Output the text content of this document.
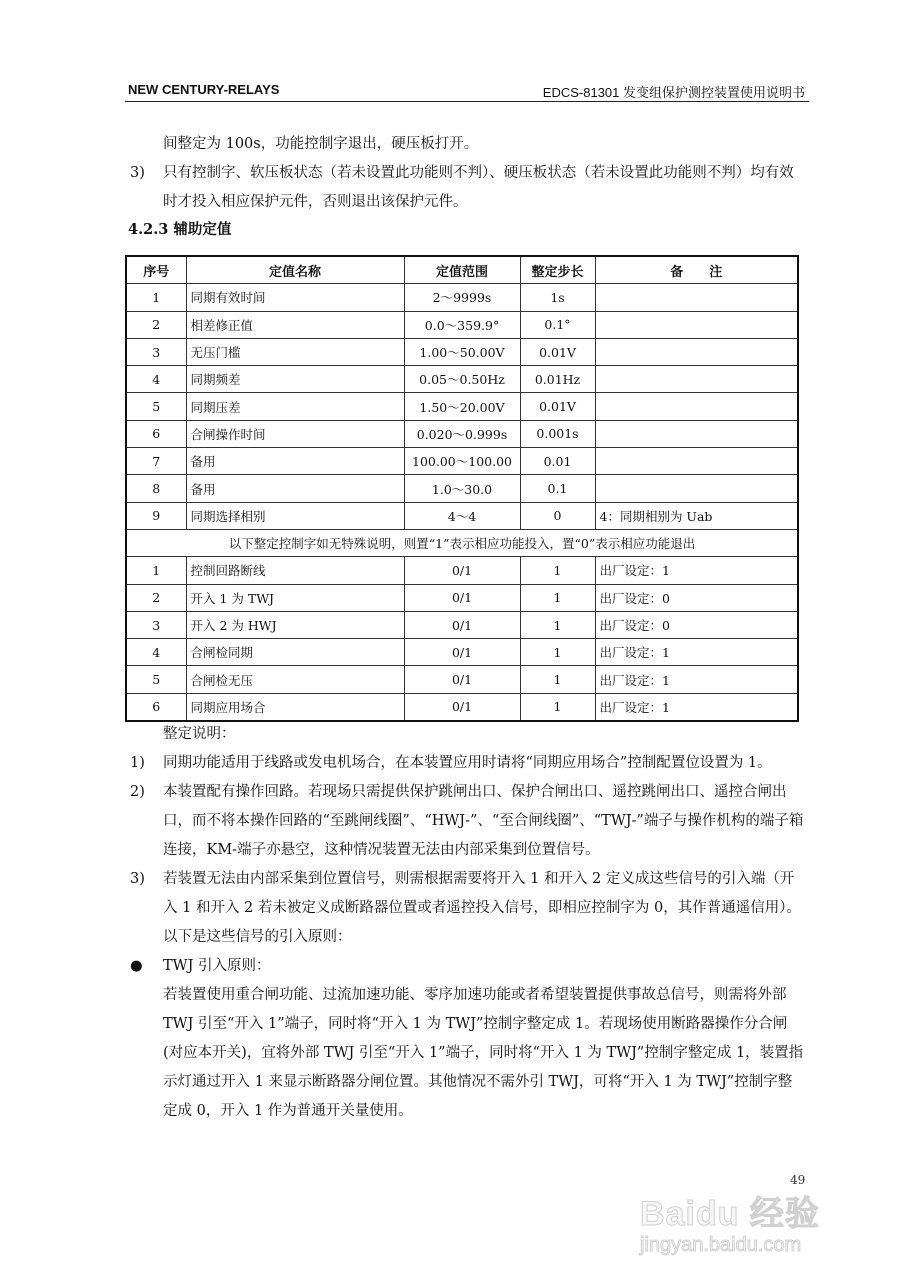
NEW CENTURY-RELAYS	EDCS-81301 发变组保护测控装置使用说明书
间整定为 100s，功能控制字退出，硬压板打开。
3) 只有控制字、软压板状态（若未设置此功能则不判）、硬压板状态（若未设置此功能则不判）均有效时才投入相应保护元件，否则退出该保护元件。
4.2.3 辅助定值
序号	定值名称	定值范围	整定步长	备　　注
1	同期有效时间	2～9999s	1s	
2	相差修正值	0.0～359.9°	0.1°	
3	无压门槛	1.00～50.00V	0.01V	
4	同期频差	0.05～0.50Hz	0.01Hz	
5	同期压差	1.50～20.00V	0.01V	
6	合闸操作时间	0.020～0.999s	0.001s	
7	备用	100.00～100.00	0.01	
8	备用	1.0～30.0	0.1	
9	同期选择相别	4～4	0	4：同期相别为 Uab
以下整定控制字如无特殊说明，则置“1”表示相应功能投入，置“0”表示相应功能退出				
1	控制回路断线	0/1	1	出厂设定：1
2	开入 1 为 TWJ	0/1	1	出厂设定：0
3	开入 2 为 HWJ	0/1	1	出厂设定：0
4	合闸检同期	0/1	1	出厂设定：1
5	合闸检无压	0/1	1	出厂设定：1
6	同期应用场合	0/1	1	出厂设定：1
整定说明：
1) 同期功能适用于线路或发电机场合，在本装置应用时请将“同期应用场合”控制配置位设置为 1。
2) 本装置配有操作回路。若现场只需提供保护跳闸出口、保护合闸出口、遥控跳闸出口、遥控合闸出口，而不将本操作回路的“至跳闸线圈”、“HWJ-”、“至合闸线圈”、“TWJ-”端子与操作机构的端子箱连接，KM-端子亦悬空，这种情况装置无法由内部采集到位置信号。
3) 若装置无法由内部采集到位置信号，则需根据需要将开入 1 和开入 2 定义成这些信号的引入端（开入 1 和开入 2 若未被定义成断路器位置或者遥控投入信号，即相应控制字为 0，其作普通遥信用）。以下是这些信号的引入原则：
● TWJ 引入原则：
若装置使用重合闸功能、过流加速功能、零序加速功能或者希望装置提供事故总信号，则需将外部 TWJ 引至“开入 1”端子，同时将“开入 1 为 TWJ”控制字整定成 1。若现场使用断路器操作分合闸(对应本开关)，宜将外部 TWJ 引至“开入 1”端子，同时将“开入 1 为 TWJ”控制字整定成 1，装置指示灯通过开入 1 来显示断路器分闸位置。其他情况不需外引 TWJ，可将“开入 1 为 TWJ”控制字整定成 0，开入 1 作为普通开关量使用。
49
Baidu 经验
jingyan.baidu.com
